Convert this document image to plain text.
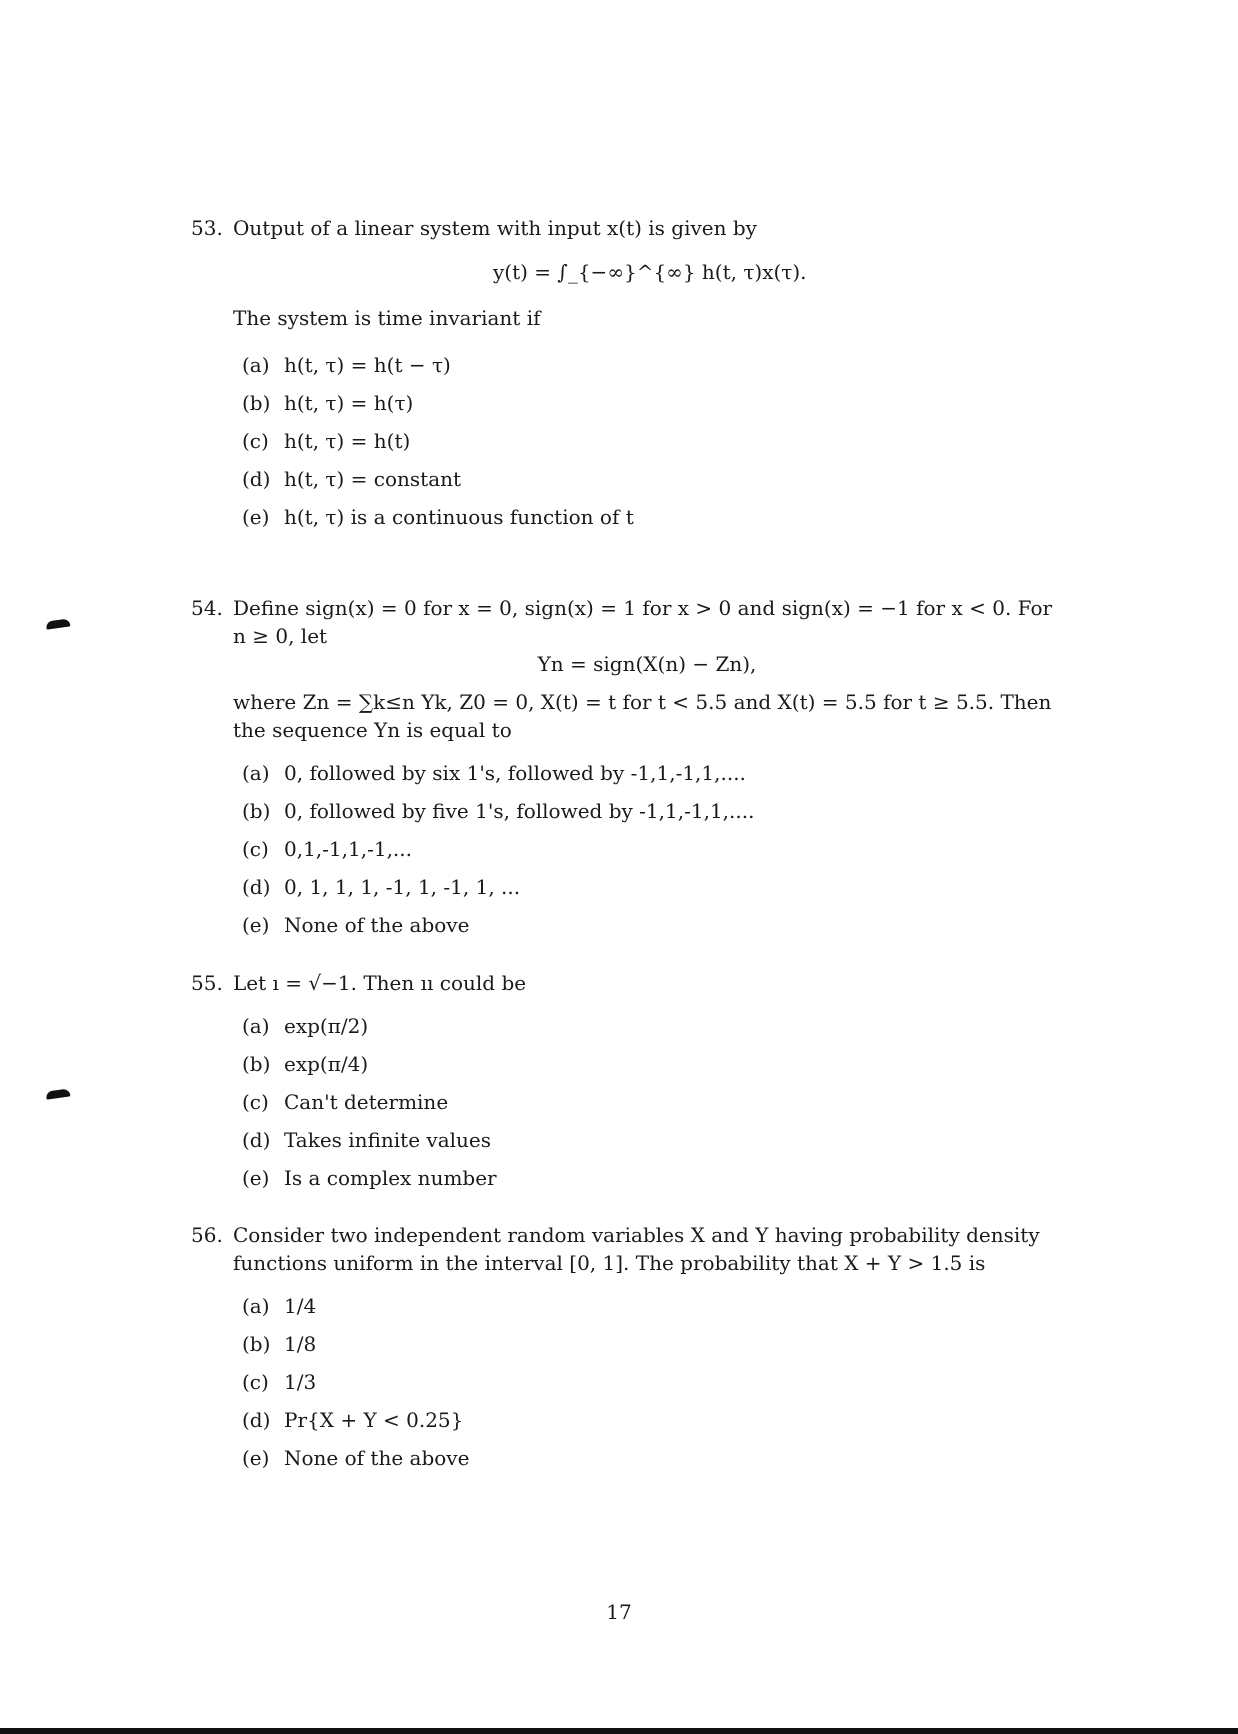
53. Output of a linear system with input x(t) is given by
y(t) = ∫_{−∞}^{∞} h(t, τ)x(τ).
The system is time invariant if
(a) h(t, τ) = h(t − τ)
(b) h(t, τ) = h(τ)
(c) h(t, τ) = h(t)
(d) h(t, τ) = constant
(e) h(t, τ) is a continuous function of t
54. Define sign(x) = 0 for x = 0, sign(x) = 1 for x > 0 and sign(x) = −1 for x < 0. For n ≥ 0, let
Yn = sign(X(n) − Zn),
where Zn = ∑k≤n Yk, Z0 = 0, X(t) = t for t < 5.5 and X(t) = 5.5 for t ≥ 5.5. Then the sequence Yn is equal to
(a) 0, followed by six 1's, followed by -1,1,-1,1,....
(b) 0, followed by five 1's, followed by -1,1,-1,1,....
(c) 0,1,-1,1,-1,...
(d) 0, 1, 1, 1, -1, 1, -1, 1, ...
(e) None of the above
55. Let ı = √−1. Then ıı could be
(a) exp(π/2)
(b) exp(π/4)
(c) Can't determine
(d) Takes infinite values
(e) Is a complex number
56. Consider two independent random variables X and Y having probability density functions uniform in the interval [0, 1]. The probability that X + Y > 1.5 is
(a) 1/4
(b) 1/8
(c) 1/3
(d) Pr{X + Y < 0.25}
(e) None of the above
17
